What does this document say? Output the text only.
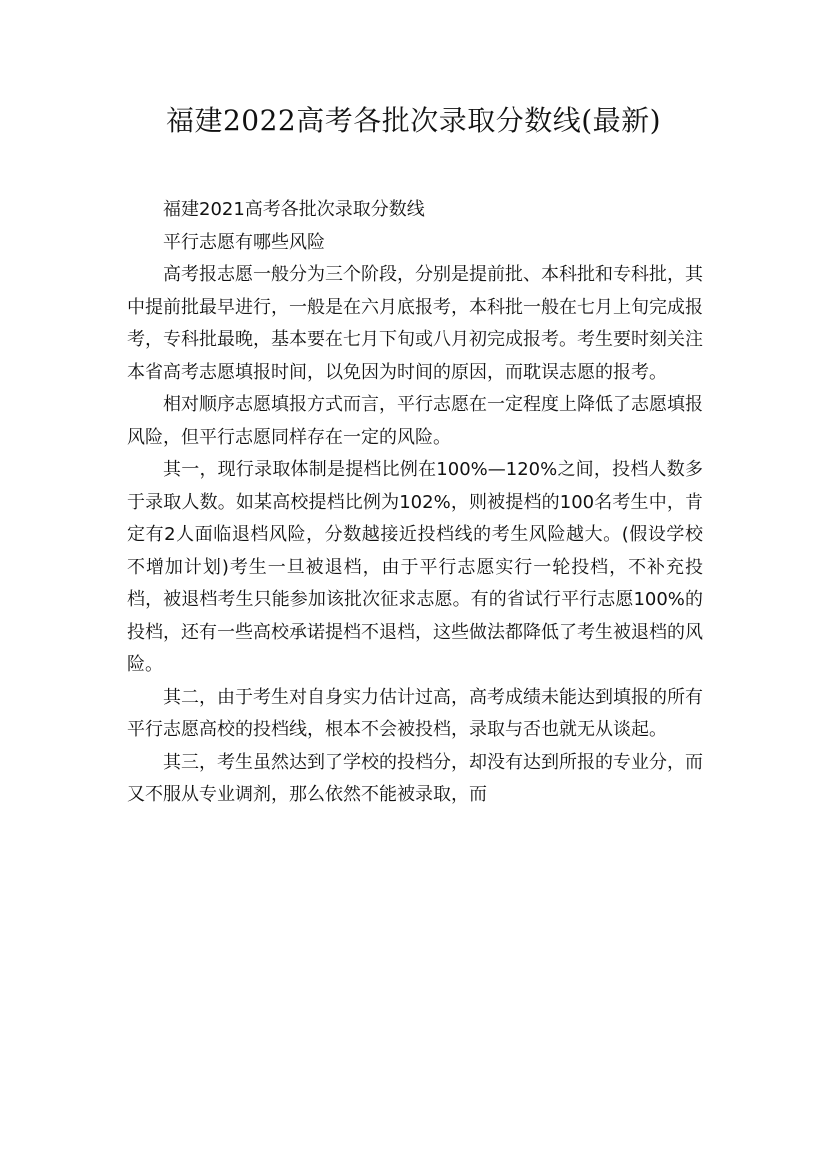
福建2022高考各批次录取分数线(最新)

福建2021高考各批次录取分数线

平行志愿有哪些风险

高考报志愿一般分为三个阶段，分别是提前批、本科批和专科批，其中提前批最早进行，一般是在六月底报考，本科批一般在七月上旬完成报考，专科批最晚，基本要在七月下旬或八月初完成报考。考生要时刻关注本省高考志愿填报时间，以免因为时间的原因，而耽误志愿的报考。

相对顺序志愿填报方式而言，平行志愿在一定程度上降低了志愿填报风险，但平行志愿同样存在一定的风险。

其一，现行录取体制是提档比例在100%—120%之间，投档人数多于录取人数。如某高校提档比例为102%，则被提档的100名考生中，肯定有2人面临退档风险，分数越接近投档线的考生风险越大。(假设学校不增加计划)考生一旦被退档，由于平行志愿实行一轮投档，不补充投档，被退档考生只能参加该批次征求志愿。有的省试行平行志愿100%的投档，还有一些高校承诺提档不退档，这些做法都降低了考生被退档的风险。

其二，由于考生对自身实力估计过高，高考成绩未能达到填报的所有平行志愿高校的投档线，根本不会被投档，录取与否也就无从谈起。

其三，考生虽然达到了学校的投档分，却没有达到所报的专业分，而又不服从专业调剂，那么依然不能被录取，而
